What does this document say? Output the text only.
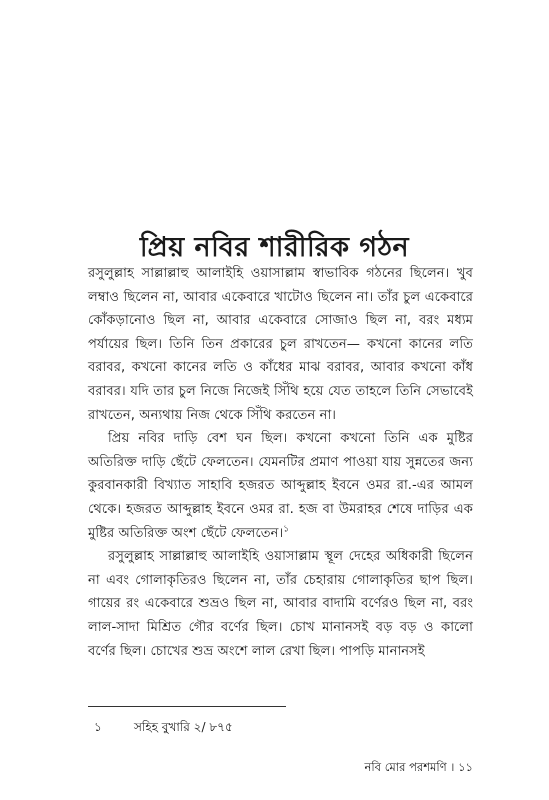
প্রিয় নবির শারীরিক গঠন

রসুলুল্লাহ সাল্লাল্লাহু আলাইহি ওয়াসাল্লাম স্বাভাবিক গঠনের ছিলেন। খুব লম্বাও ছিলেন না, আবার একেবারে খাটোও ছিলেন না। তাঁর চুল একেবারে কোঁকড়ানোও ছিল না, আবার একেবারে সোজাও ছিল না, বরং মধ্যম পর্যায়ের ছিল। তিনি তিন প্রকারের চুল রাখতেন— কখনো কানের লতি বরাবর, কখনো কানের লতি ও কাঁধের মাঝ বরাবর, আবার কখনো কাঁধ বরাবর। যদি তার চুল নিজে নিজেই সিঁথি হয়ে যেত তাহলে তিনি সেভাবেই রাখতেন, অন্যথায় নিজ থেকে সিঁথি করতেন না।

প্রিয় নবির দাড়ি বেশ ঘন ছিল। কখনো কখনো তিনি এক মুষ্টির অতিরিক্ত দাড়ি ছেঁটে ফেলতেন। যেমনটির প্রমাণ পাওয়া যায় সুন্নতের জন্য কুরবানকারী বিখ্যাত সাহাবি হজরত আব্দুল্লাহ ইবনে ওমর রা.-এর আমল থেকে। হজরত আব্দুল্লাহ ইবনে ওমর রা. হজ বা উমরাহর শেষে দাড়ির এক মুষ্টির অতিরিক্ত অংশ ছেঁটে ফেলতেন।$^১$

রসুলুল্লাহ সাল্লাল্লাহু আলাইহি ওয়াসাল্লাম স্থূল দেহের অধিকারী ছিলেন না এবং গোলাকৃতিরও ছিলেন না, তাঁর চেহারায় গোলাকৃতির ছাপ ছিল। গায়ের রং একেবারে শুভ্রও ছিল না, আবার বাদামি বর্ণেরও ছিল না, বরং লাল-সাদা মিশ্রিত গৌর বর্ণের ছিল। চোখ মানানসই বড় বড় ও কালো বর্ণের ছিল। চোখের শুভ্র অংশে লাল রেখা ছিল। পাপড়ি মানানসই

১	সহিহ বুখারি ২/ ৮৭৫
নবি মোর পরশমণি । ১১
